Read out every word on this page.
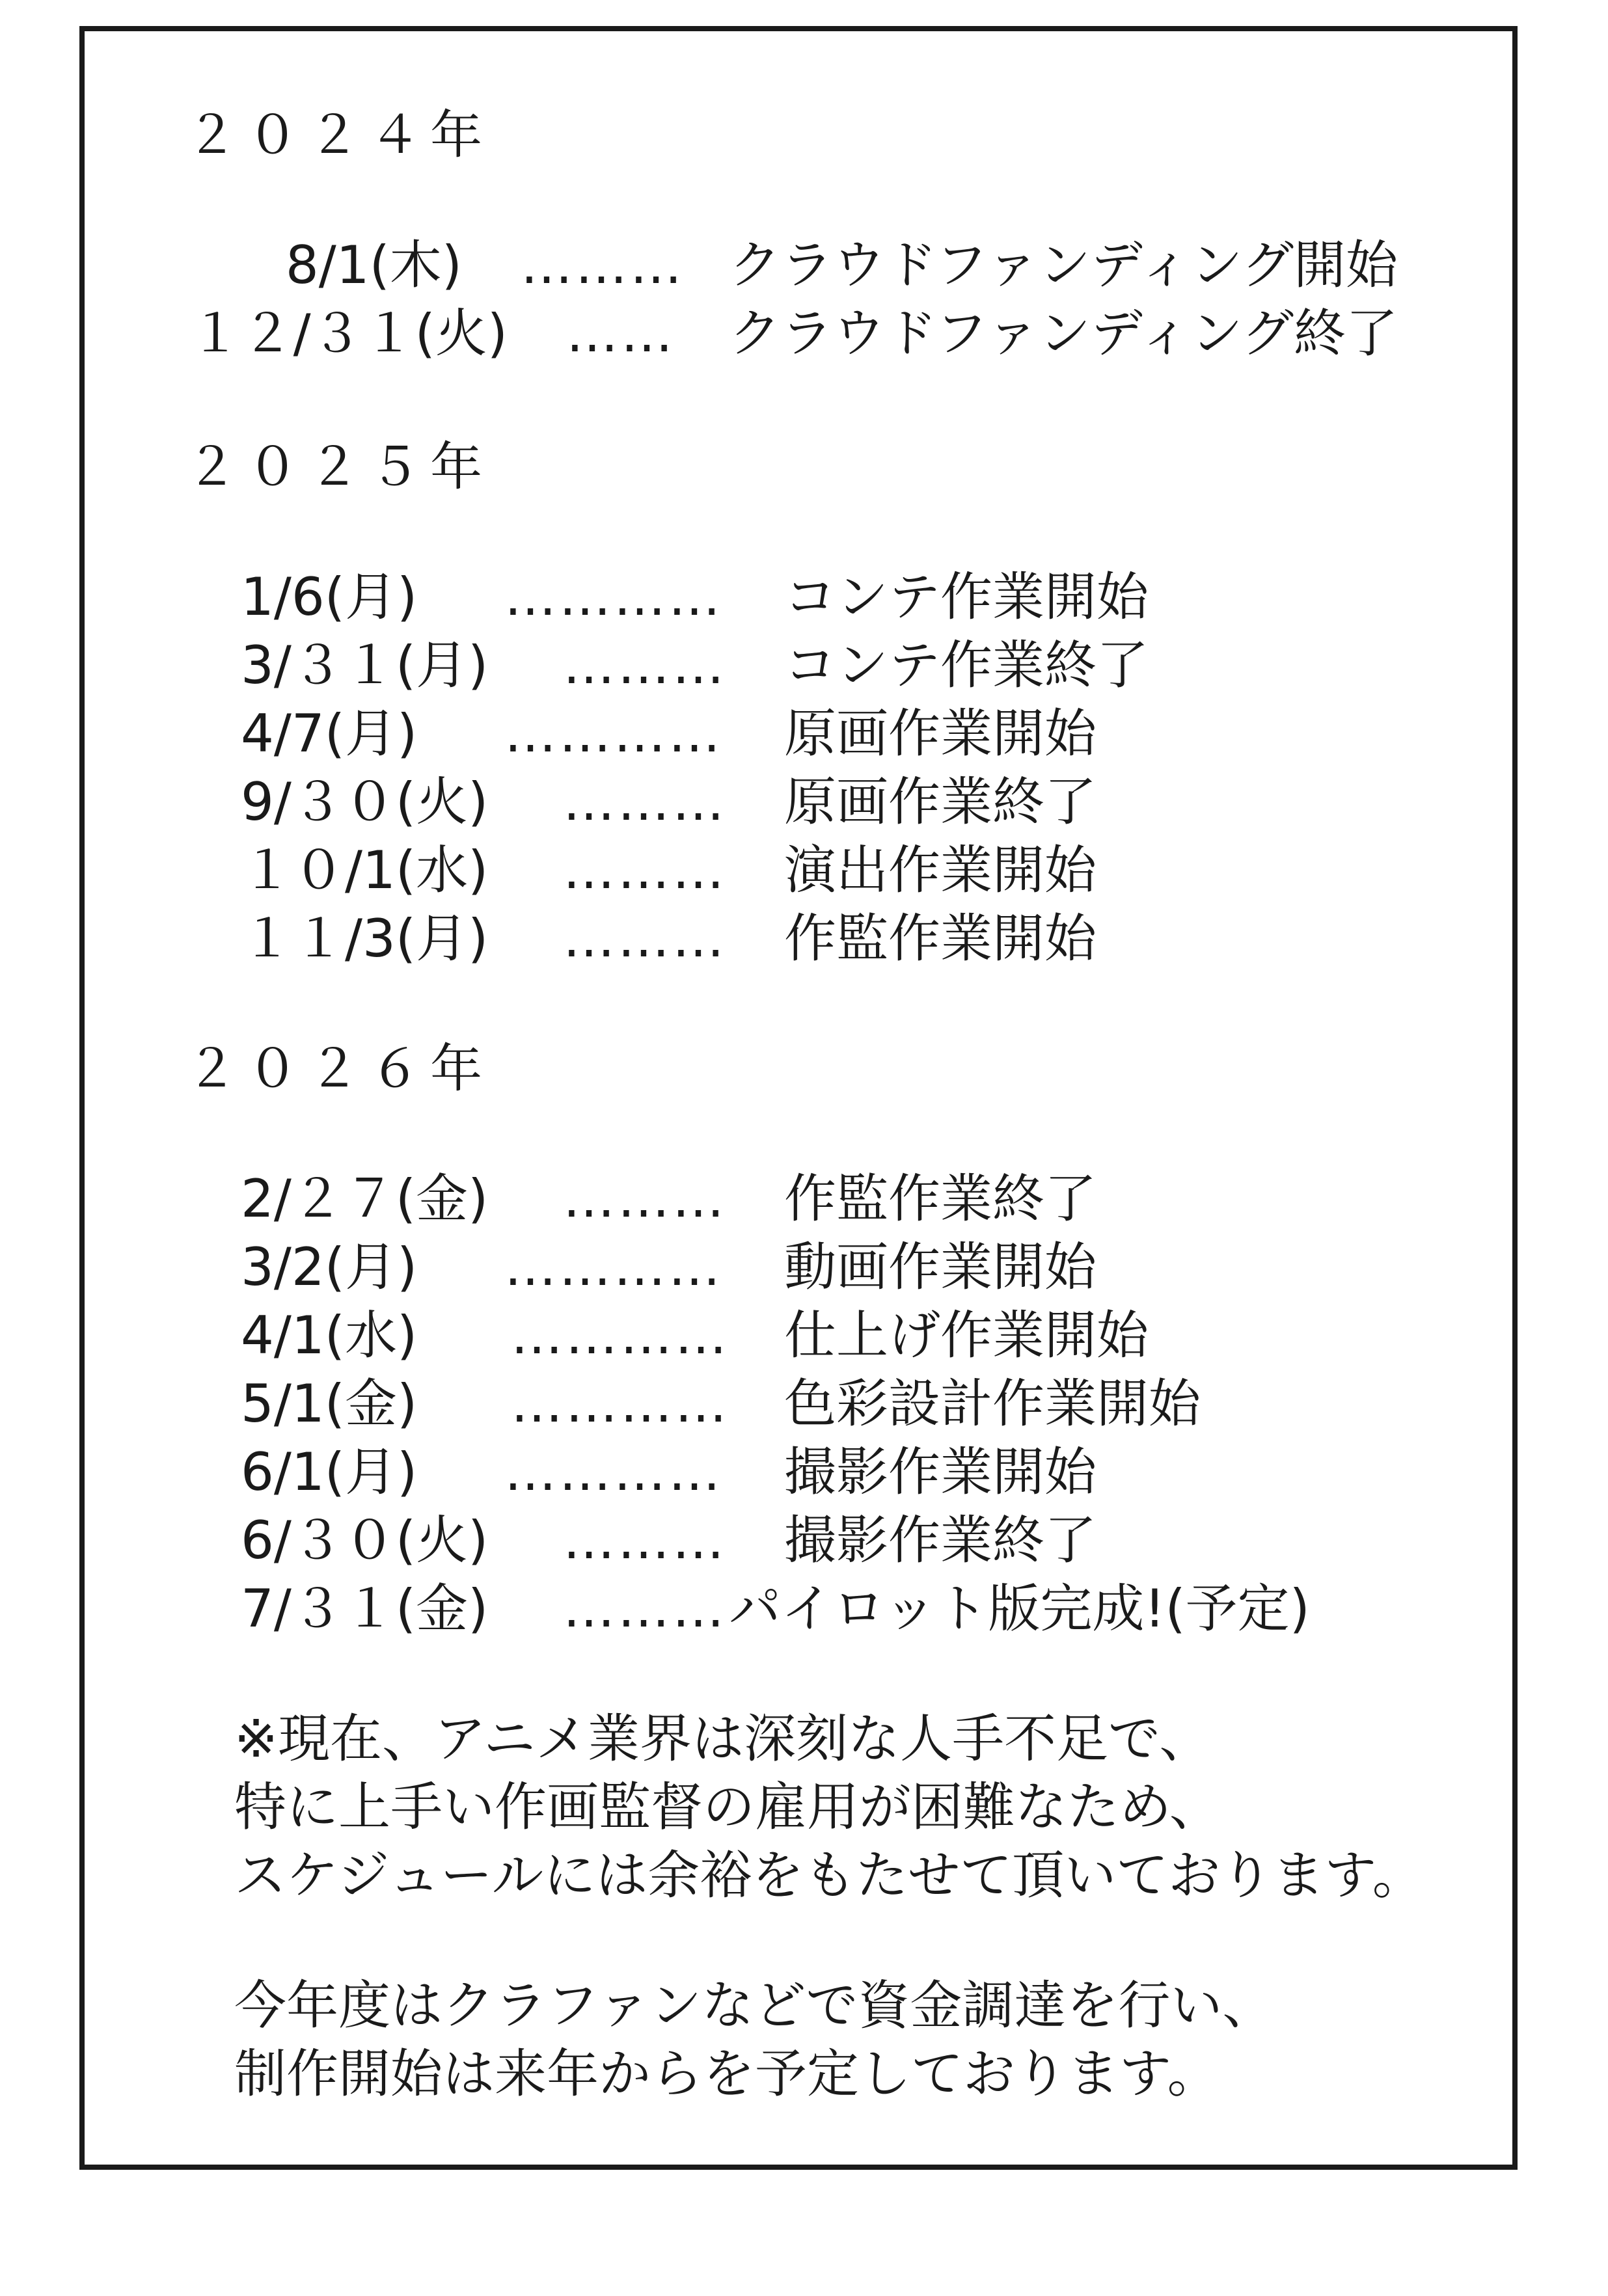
２０２４年
8/1(木) ……… クラウドファンディング開始
１２/３１(火) …… クラウドファンディング終了
２０２５年
1/6(月) ………… コンテ作業開始
3/３１(月) ……… コンテ作業終了
4/7(月) ………… 原画作業開始
9/３０(火) ……… 原画作業終了
１０/1(水) ……… 演出作業開始
１１/3(月) ……… 作監作業開始
２０２６年
2/２７(金) ……… 作監作業終了
3/2(月) ………… 動画作業開始
4/1(水) ………… 仕上げ作業開始
5/1(金) ………… 色彩設計作業開始
6/1(月) ………… 撮影作業開始
6/３０(火) ……… 撮影作業終了
7/３１(金) ……… パイロット版完成!(予定)
※現在、アニメ業界は深刻な人手不足で、
特に上手い作画監督の雇用が困難なため、
スケジュールには余裕をもたせて頂いております。
今年度はクラファンなどで資金調達を行い、
制作開始は来年からを予定しております。
